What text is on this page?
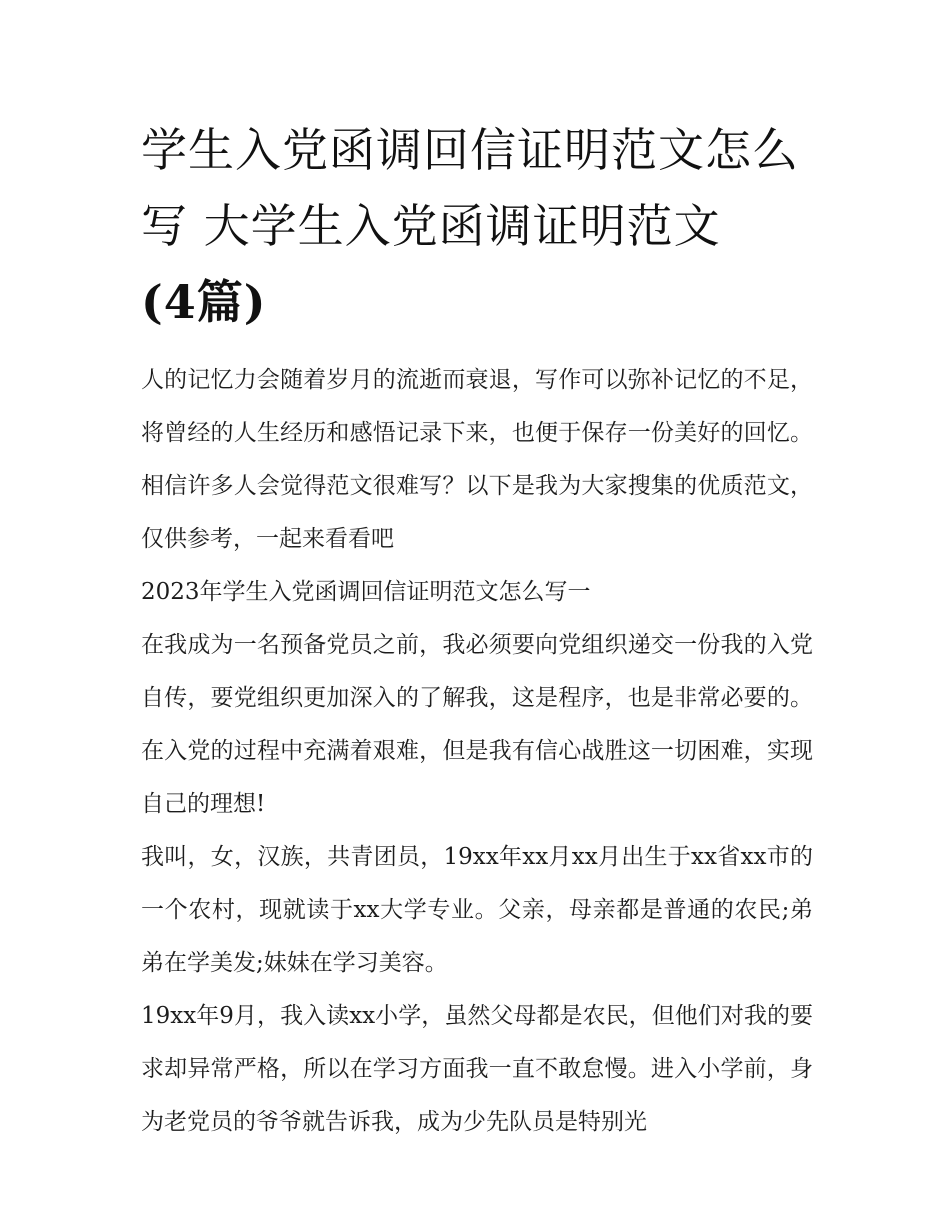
学生入党函调回信证明范文怎么写 大学生入党函调证明范文
(4篇)

人的记忆力会随着岁月的流逝而衰退，写作可以弥补记忆的不足，将曾经的人生经历和感悟记录下来，也便于保存一份美好的回忆。相信许多人会觉得范文很难写？以下是我为大家搜集的优质范文，仅供参考，一起来看看吧

2023年学生入党函调回信证明范文怎么写一

在我成为一名预备党员之前，我必须要向党组织递交一份我的入党自传，要党组织更加深入的了解我，这是程序，也是非常必要的。在入党的过程中充满着艰难，但是我有信心战胜这一切困难，实现自己的理想!

我叫，女，汉族，共青团员，19xx年xx月xx月出生于xx省xx市的一个农村，现就读于xx大学专业。父亲，母亲都是普通的农民;弟弟在学美发;妹妹在学习美容。

19xx年9月，我入读xx小学，虽然父母都是农民，但他们对我的要求却异常严格，所以在学习方面我一直不敢怠慢。进入小学前，身为老党员的爷爷就告诉我，成为少先队员是特别光
